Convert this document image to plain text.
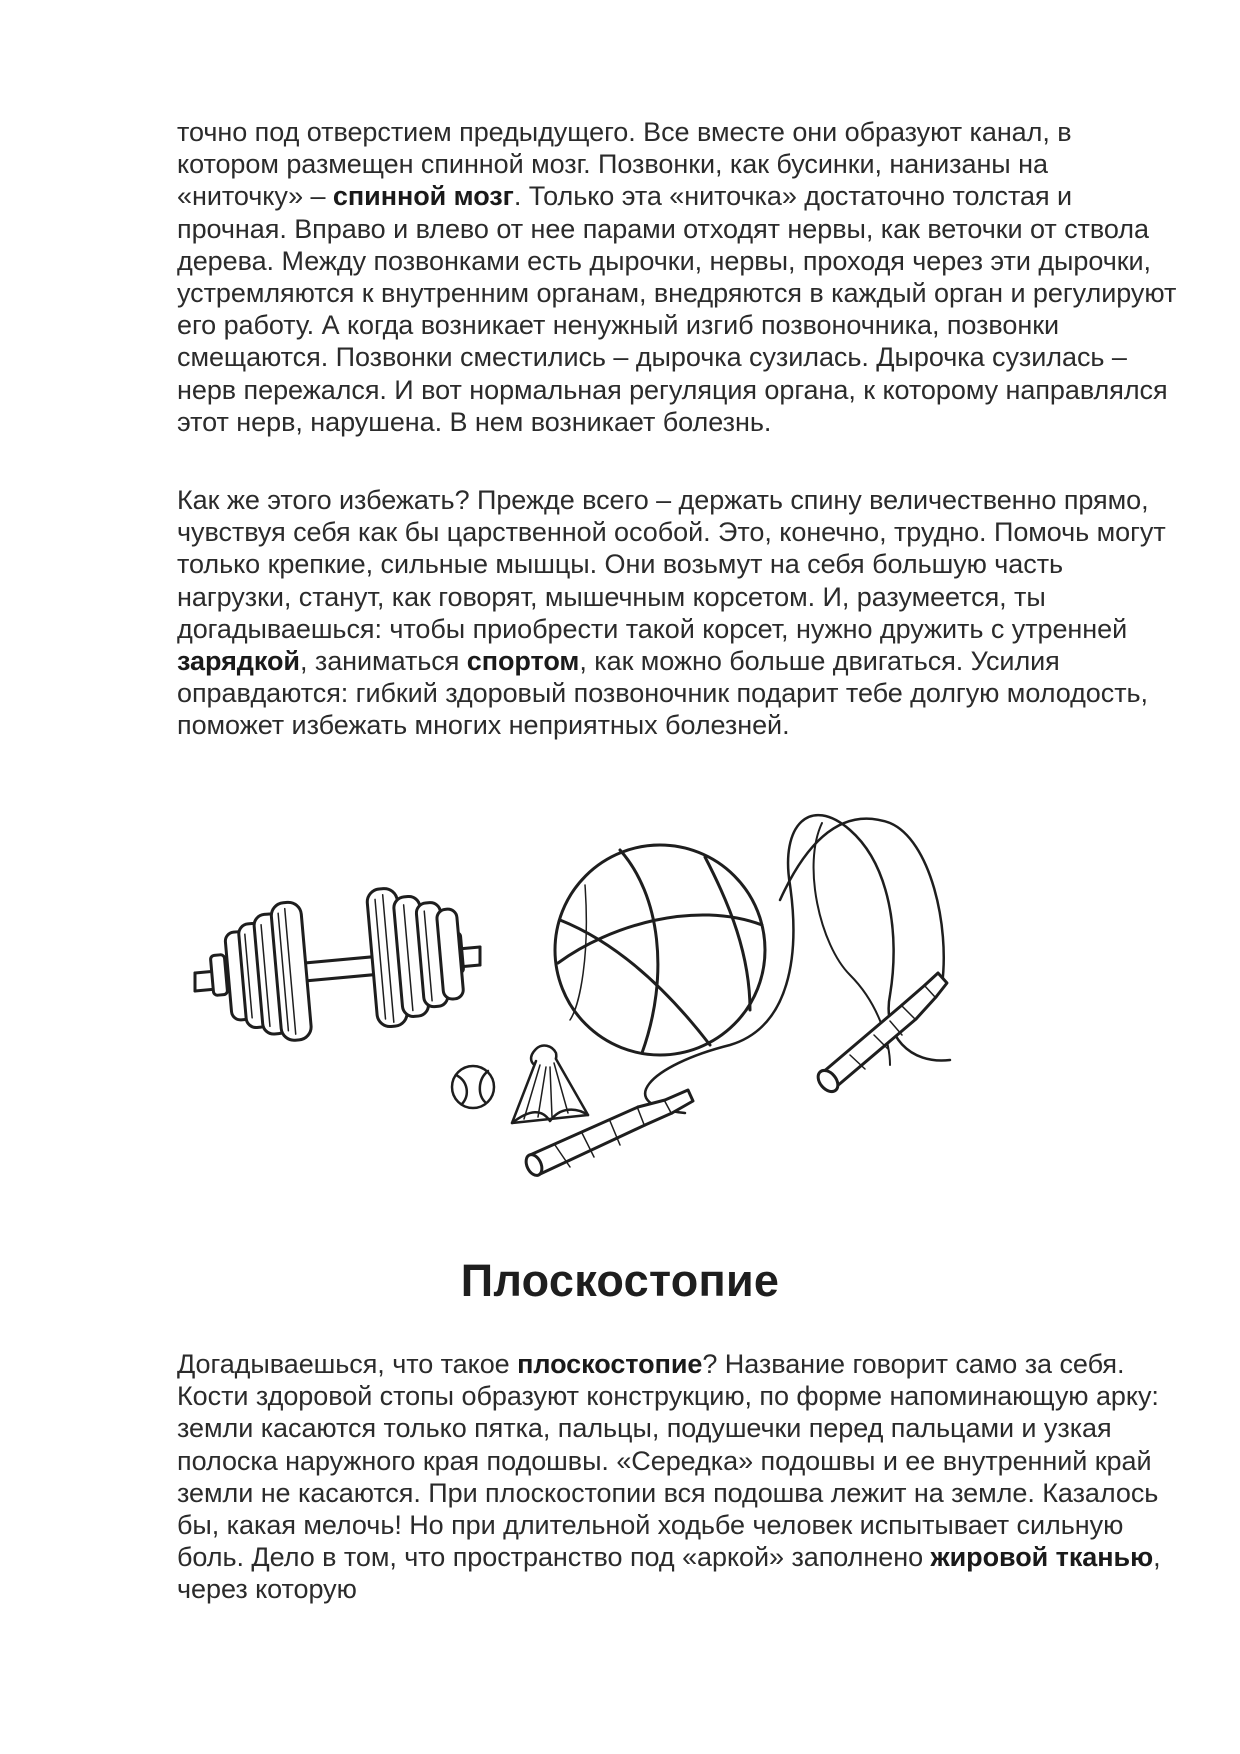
точно под отверстием предыдущего. Все вместе они образуют канал, в котором размещен спинной мозг. Позвонки, как бусинки, нанизаны на «ниточку» – спинной мозг. Только эта «ниточка» достаточно толстая и прочная. Вправо и влево от нее парами отходят нервы, как веточки от ствола дерева. Между позвонками есть дырочки, нервы, проходя через эти дырочки, устремляются к внутренним органам, внедряются в каждый орган и регулируют его работу. А когда возникает ненужный изгиб позвоночника, позвонки смещаются. Позвонки сместились – дырочка сузилась. Дырочка сузилась – нерв пережался. И вот нормальная регуляция органа, к которому направлялся этот нерв, нарушена. В нем возникает болезнь.

Как же этого избежать? Прежде всего – держать спину величественно прямо, чувствуя себя как бы царственной особой. Это, конечно, трудно. Помочь могут только крепкие, сильные мышцы. Они возьмут на себя большую часть нагрузки, станут, как говорят, мышечным корсетом. И, разумеется, ты догадываешься: чтобы приобрести такой корсет, нужно дружить с утренней зарядкой, заниматься спортом, как можно больше двигаться. Усилия оправдаются: гибкий здоровый позвоночник подарит тебе долгую молодость, поможет избежать многих неприятных болезней.

Плоскостопие

Догадываешься, что такое плоскостопие? Название говорит само за себя. Кости здоровой стопы образуют конструкцию, по форме напоминающую арку: земли касаются только пятка, пальцы, подушечки перед пальцами и узкая полоска наружного края подошвы. «Середка» подошвы и ее внутренний край земли не касаются. При плоскостопии вся подошва лежит на земле. Казалось бы, какая мелочь! Но при длительной ходьбе человек испытывает сильную боль. Дело в том, что пространство под «аркой» заполнено жировой тканью, через которую
